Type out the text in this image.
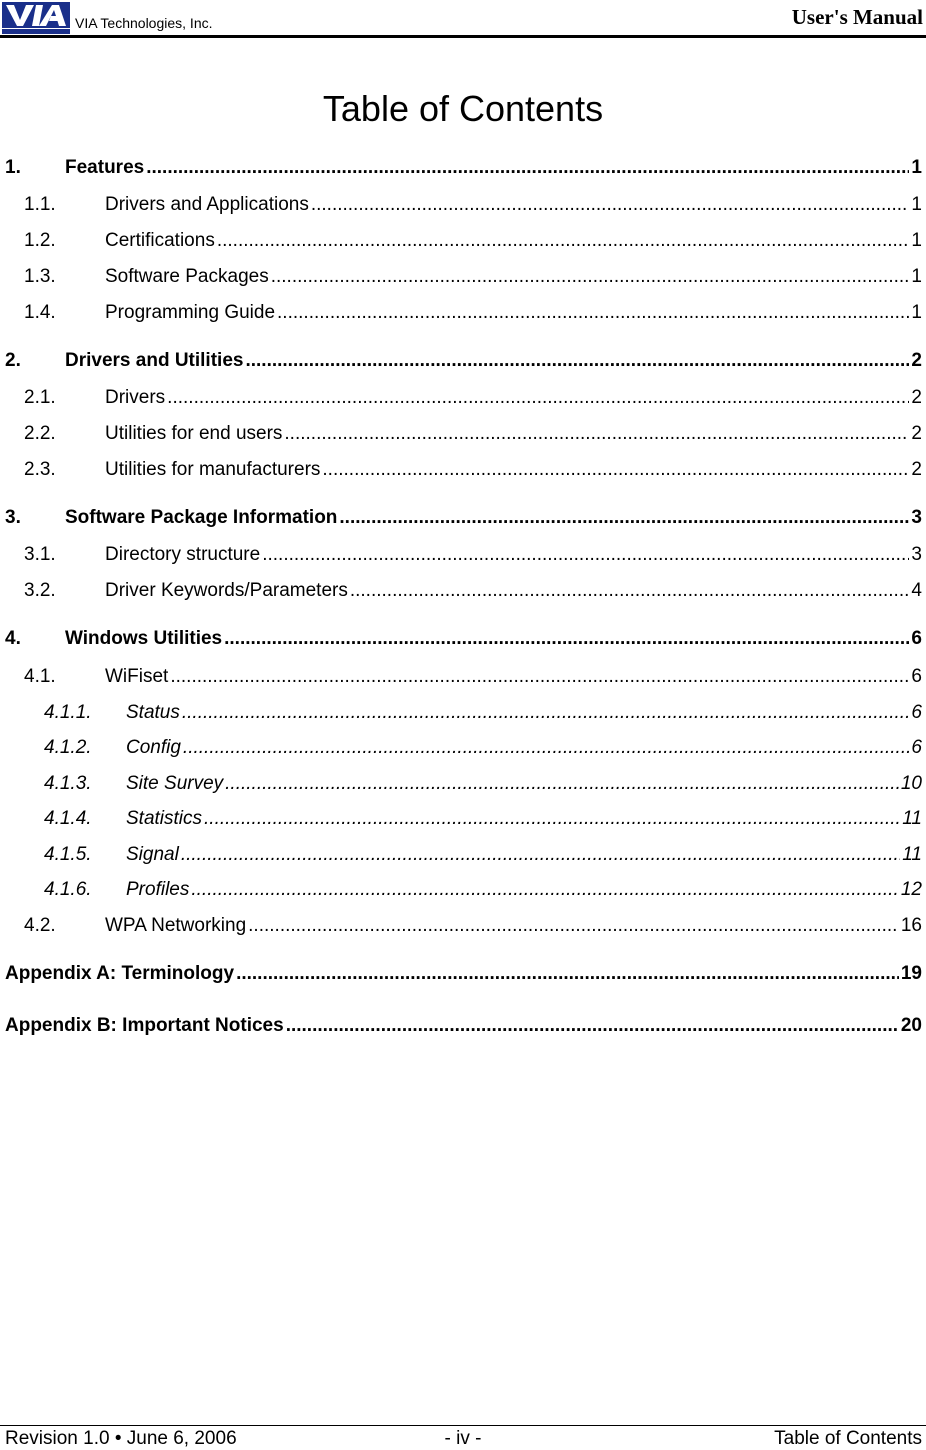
VIA Technologies, Inc.	User's Manual
Table of Contents
1. Features .....	1
1.1.	Drivers and Applications .....	1
1.2.	Certifications .....	1
1.3.	Software Packages .....	1
1.4.	Programming Guide .....	1
2. Drivers and Utilities .....	2
2.1.	Drivers .....	2
2.2.	Utilities for end users .....	2
2.3.	Utilities for manufacturers .....	2
3. Software Package Information .....	3
3.1.	Directory structure .....	3
3.2.	Driver Keywords/Parameters .....	4
4. Windows Utilities .....	6
4.1.	WiFiset .....	6
4.1.1. Status .....	6
4.1.2. Config .....	6
4.1.3. Site Survey .....	10
4.1.4. Statistics .....	11
4.1.5. Signal .....	11
4.1.6. Profiles .....	12
4.2.	WPA Networking .....	16
Appendix A: Terminology .....	19
Appendix B: Important Notices .....	20
Revision 1.0 • June 6, 2006	- iv -	Table of Contents
